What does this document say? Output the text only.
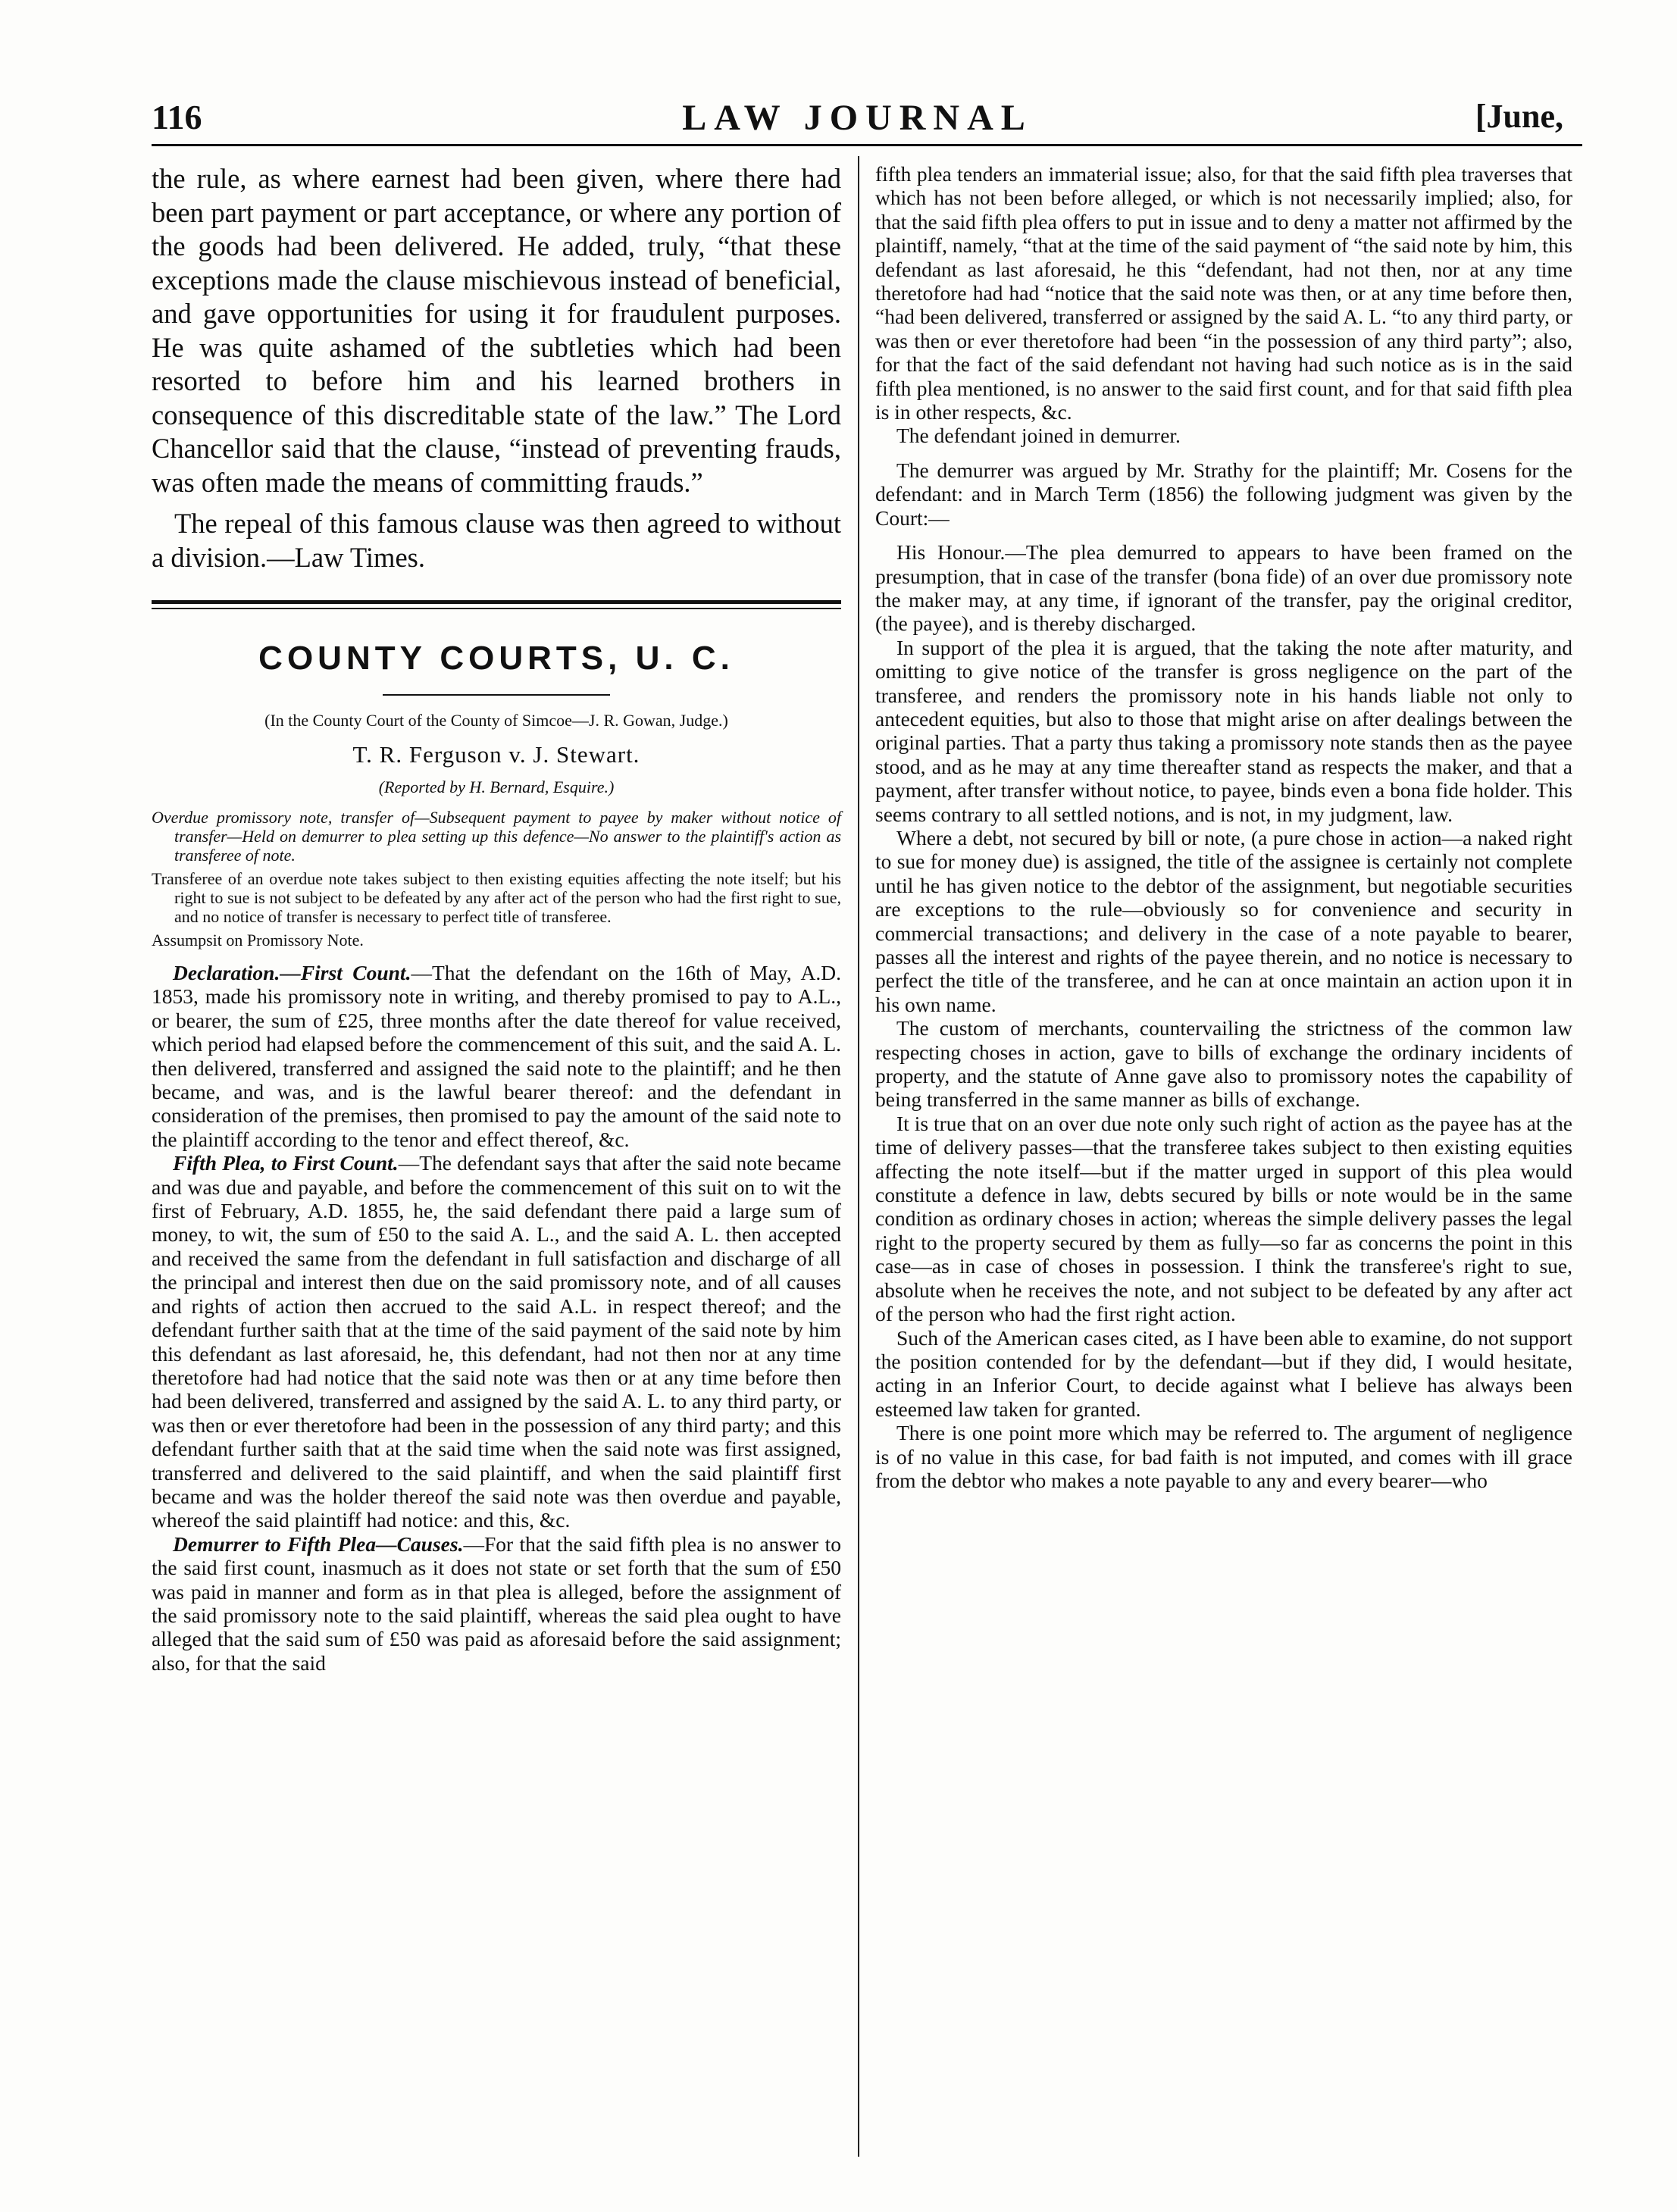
116	LAW JOURNAL	[June,

the rule, as where earnest had been given, where there had been part payment or part acceptance, or where any portion of the goods had been delivered. He added, truly, “that these exceptions made the clause mischievous instead of beneficial, and gave opportunities for using it for fraudulent purposes. He was quite ashamed of the subtleties which had been resorted to before him and his learned brothers in consequence of this discreditable state of the law.” The Lord Chancellor said that the clause, “instead of preventing frauds, was often made the means of committing frauds.”

The repeal of this famous clause was then agreed to without a division.—Law Times.

COUNTY COURTS, U. C.
(In the County Court of the County of Simcoe—J. R. Gowan, Judge.)
T. R. Ferguson v. J. Stewart.
(Reported by H. Bernard, Esquire.)
Overdue promissory note, transfer of—Subsequent payment to payee by maker without notice of transfer—Held on demurrer to plea setting up this defence—No answer to the plaintiff's action as transferee of note.
Transferee of an overdue note takes subject to then existing equities affecting the note itself; but his right to sue is not subject to be defeated by any after act of the person who had the first right to sue, and no notice of transfer is necessary to perfect title of transferee.
Assumpsit on Promissory Note.

Declaration.—First Count.—That the defendant on the 16th of May, A.D. 1853, made his promissory note in writing, and thereby promised to pay to A.L., or bearer, the sum of £25, three months after the date thereof for value received, which period had elapsed before the commencement of this suit, and the said A. L. then delivered, transferred and assigned the said note to the plaintiff; and he then became, and was, and is the lawful bearer thereof: and the defendant in consideration of the premises, then promised to pay the amount of the said note to the plaintiff according to the tenor and effect thereof, &c.

Fifth Plea, to First Count.—The defendant says that after the said note became and was due and payable, and before the commencement of this suit on to wit the first of February, A.D. 1855, he, the said defendant there paid a large sum of money, to wit, the sum of £50 to the said A. L., and the said A. L. then accepted and received the same from the defendant in full satisfaction and discharge of all the principal and interest then due on the said promissory note, and of all causes and rights of action then accrued to the said A.L. in respect thereof; and the defendant further saith that at the time of the said payment of the said note by him this defendant as last aforesaid, he, this defendant, had not then nor at any time theretofore had had notice that the said note was then or at any time before then had been delivered, transferred and assigned by the said A. L. to any third party, or was then or ever theretofore had been in the possession of any third party; and this defendant further saith that at the said time when the said note was first assigned, transferred and delivered to the said plaintiff, and when the said plaintiff first became and was the holder thereof the said note was then overdue and payable, whereof the said plaintiff had notice: and this, &c.

Demurrer to Fifth Plea—Causes.—For that the said fifth plea is no answer to the said first count, inasmuch as it does not state or set forth that the sum of £50 was paid in manner and form as in that plea is alleged, before the assignment of the said promissory note to the said plaintiff, whereas the said plea ought to have alleged that the said sum of £50 was paid as aforesaid before the said assignment; also, for that the said

fifth plea tenders an immaterial issue; also, for that the said fifth plea traverses that which has not been before alleged, or which is not necessarily implied; also, for that the said fifth plea offers to put in issue and to deny a matter not affirmed by the plaintiff, namely, “that at the time of the said payment of “the said note by him, this defendant as last aforesaid, he this “defendant, had not then, nor at any time theretofore had had “notice that the said note was then, or at any time before then, “had been delivered, transferred or assigned by the said A. L. “to any third party, or was then or ever theretofore had been “in the possession of any third party”; also, for that the fact of the said defendant not having had such notice as is in the said fifth plea mentioned, is no answer to the said first count, and for that said fifth plea is in other respects, &c.

The defendant joined in demurrer.

The demurrer was argued by Mr. Strathy for the plaintiff; Mr. Cosens for the defendant: and in March Term (1856) the following judgment was given by the Court:—

His Honour.—The plea demurred to appears to have been framed on the presumption, that in case of the transfer (bona fide) of an over due promissory note the maker may, at any time, if ignorant of the transfer, pay the original creditor, (the payee), and is thereby discharged.

In support of the plea it is argued, that the taking the note after maturity, and omitting to give notice of the transfer is gross negligence on the part of the transferee, and renders the promissory note in his hands liable not only to antecedent equities, but also to those that might arise on after dealings between the original parties. That a party thus taking a promissory note stands then as the payee stood, and as he may at any time thereafter stand as respects the maker, and that a payment, after transfer without notice, to payee, binds even a bona fide holder. This seems contrary to all settled notions, and is not, in my judgment, law.

Where a debt, not secured by bill or note, (a pure chose in action—a naked right to sue for money due) is assigned, the title of the assignee is certainly not complete until he has given notice to the debtor of the assignment, but negotiable securities are exceptions to the rule—obviously so for convenience and security in commercial transactions; and delivery in the case of a note payable to bearer, passes all the interest and rights of the payee therein, and no notice is necessary to perfect the title of the transferee, and he can at once maintain an action upon it in his own name.

The custom of merchants, countervailing the strictness of the common law respecting choses in action, gave to bills of exchange the ordinary incidents of property, and the statute of Anne gave also to promissory notes the capability of being transferred in the same manner as bills of exchange.

It is true that on an over due note only such right of action as the payee has at the time of delivery passes—that the transferee takes subject to then existing equities affecting the note itself—but if the matter urged in support of this plea would constitute a defence in law, debts secured by bills or note would be in the same condition as ordinary choses in action; whereas the simple delivery passes the legal right to the property secured by them as fully—so far as concerns the point in this case—as in case of choses in possession. I think the transferee's right to sue, absolute when he receives the note, and not subject to be defeated by any after act of the person who had the first right action.

Such of the American cases cited, as I have been able to examine, do not support the position contended for by the defendant—but if they did, I would hesitate, acting in an Inferior Court, to decide against what I believe has always been esteemed law taken for granted.

There is one point more which may be referred to. The argument of negligence is of no value in this case, for bad faith is not imputed, and comes with ill grace from the debtor who makes a note payable to any and every bearer—who
